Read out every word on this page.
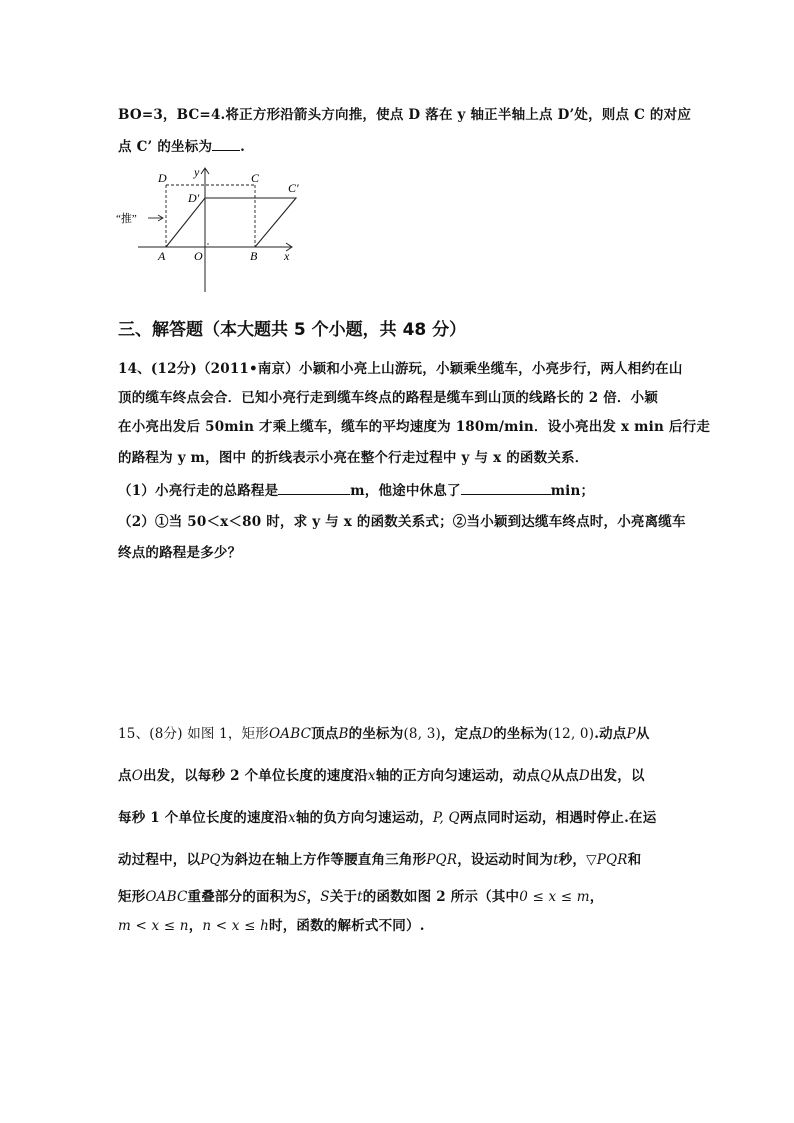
BO=3，BC=4.将正方形沿箭头方向推，使点 D 落在 y 轴正半轴上点 D’处，则点 C 的对应
点 C’ 的坐标为 .
D	C
C′
D′
y
x
A O	B
“推”
三、解答题（本大题共 5 个小题，共 48 分）
14、(12分)（2011•南京）小颖和小亮上山游玩，小颖乘坐缆车，小亮步行，两人相约在山
顶的缆车终点会合．已知小亮行走到缆车终点的路程是缆车到山顶的线路长的 2 倍．小颖
在小亮出发后 50min 才乘上缆车，缆车的平均速度为 180m/min．设小亮出发 x min 后行走
的路程为 y m，图中 的折线表示小亮在整个行走过程中 y 与 x 的函数关系．
（1）小亮行走的总路程是	m，他途中休息了	min；
（2）①当 50＜x＜80 时，求 y 与 x 的函数关系式；②当小颖到达缆车终点时，小亮离缆车
终点的路程是多少？
15、(8分) 如图 1，矩形OABC顶点B的坐标为(8, 3)，定点D的坐标为(12, 0).动点P从
点O出发，以每秒 2 个单位长度的速度沿x轴的正方向匀速运动，动点Q从点D出发，以
每秒 1 个单位长度的速度沿x轴的负方向匀速运动，P, Q两点同时运动，相遇时停止.在运
动过程中，以PQ为斜边在轴上方作等腰直角三角形PQR，设运动时间为t秒，▽PQR和
矩形OABC重叠部分的面积为S，S关于t的函数如图 2 所示（其中0 ≤ x ≤ m，
m < x ≤ n，n < x ≤ h时，函数的解析式不同）.
